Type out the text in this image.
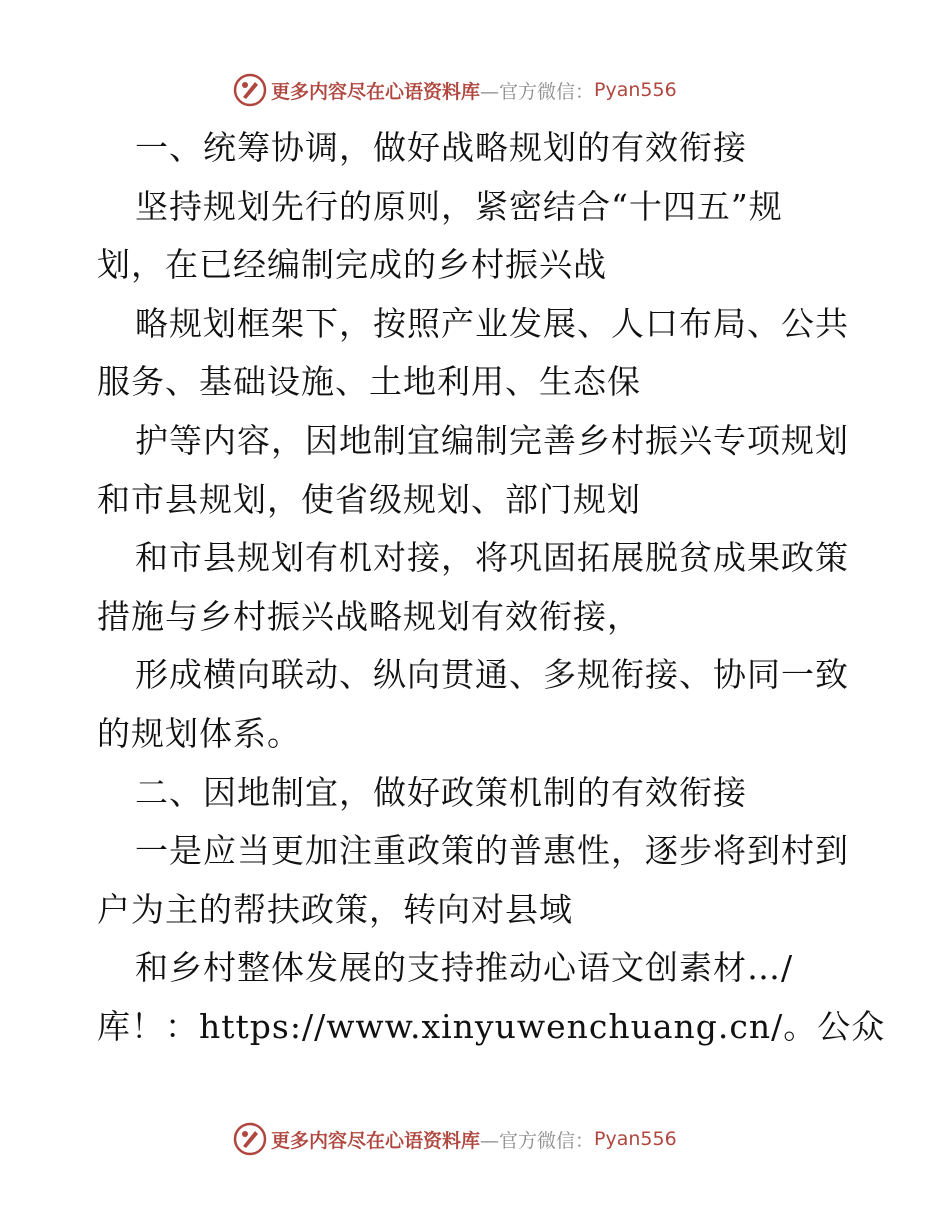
更多内容尽在心语资料库 —官方微信： Pyan556
一、统筹协调，做好战略规划的有效衔接
坚持规划先行的原则，紧密结合“十四五”规
划，在已经编制完成的乡村振兴战
略规划框架下，按照产业发展、人口布局、公共
服务、基础设施、土地利用、生态保
护等内容，因地制宜编制完善乡村振兴专项规划
和市县规划，使省级规划、部门规划
和市县规划有机对接，将巩固拓展脱贫成果政策
措施与乡村振兴战略规划有效衔接，
形成横向联动、纵向贯通、多规衔接、协同一致
的规划体系。
二、因地制宜，做好政策机制的有效衔接
一是应当更加注重政策的普惠性，逐步将到村到
户为主的帮扶政策，转向对县域
和乡村整体发展的支持推动心语文创素材…/
库！：https://www.xinyuwenchuang.cn/。公众
更多内容尽在心语资料库 —官方微信： Pyan556
